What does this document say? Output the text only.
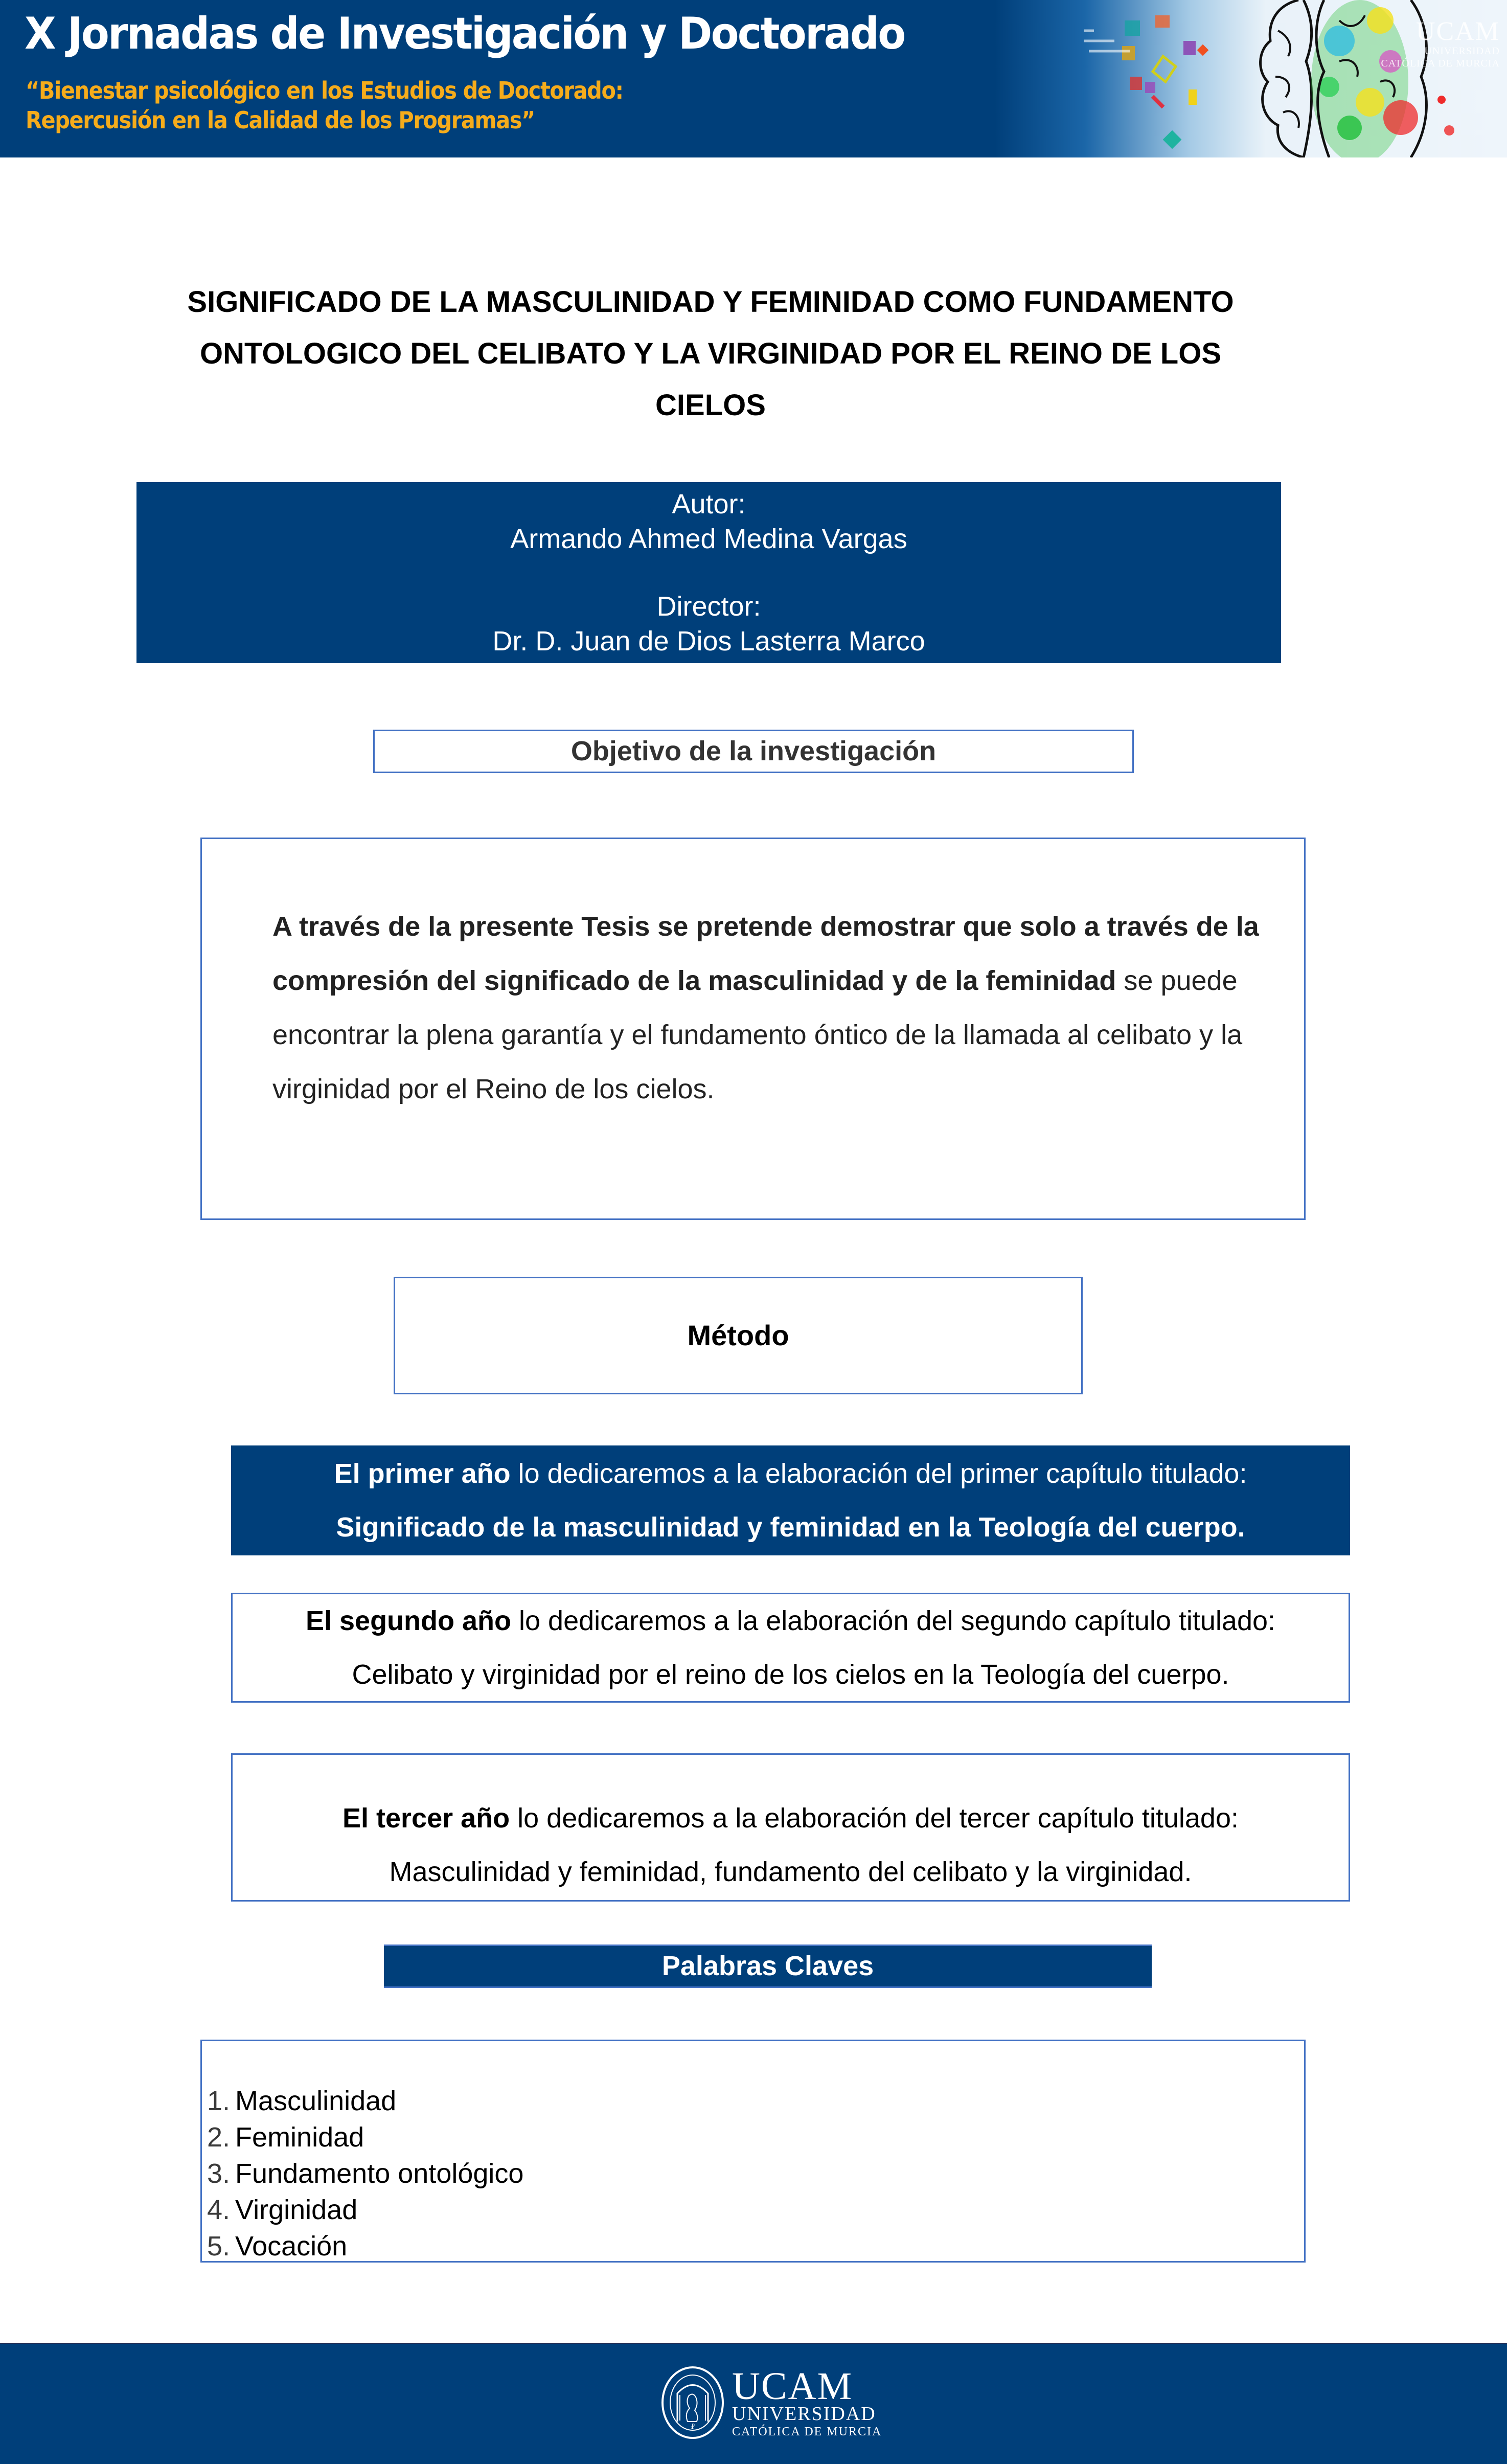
X Jornadas de Investigación y Doctorado
“Bienestar psicológico en los Estudios de Doctorado:
Repercusión en la Calidad de los Programas”
UCAM
UNIVERSIDAD
CATÓLICA DE MURCIA
SIGNIFICADO DE LA MASCULINIDAD Y FEMINIDAD COMO FUNDAMENTO
ONTOLOGICO DEL CELIBATO Y LA VIRGINIDAD POR EL REINO DE LOS
CIELOS
Autor:
Armando Ahmed Medina Vargas
Director:
Dr. D. Juan de Dios Lasterra Marco
Objetivo de la investigación
A través de la presente Tesis se pretende demostrar que solo a través de la compresión del significado de la masculinidad y de la feminidad se puede encontrar la plena garantía y el fundamento óntico de la llamada al celibato y la virginidad por el Reino de los cielos.
Método
El primer año lo dedicaremos a la elaboración del primer capítulo titulado:
Significado de la masculinidad y feminidad en la Teología del cuerpo.
El segundo año lo dedicaremos a la elaboración del segundo capítulo titulado:
Celibato y virginidad por el reino de los cielos en la Teología del cuerpo.
El tercer año lo dedicaremos a la elaboración del tercer capítulo titulado:
Masculinidad y feminidad, fundamento del celibato y la virginidad.
Palabras Claves
1. Masculinidad
2. Feminidad
3. Fundamento ontológico
4. Virginidad
5. Vocación
☧
UCAM
UNIVERSIDAD
CATÓLICA DE MURCIA
